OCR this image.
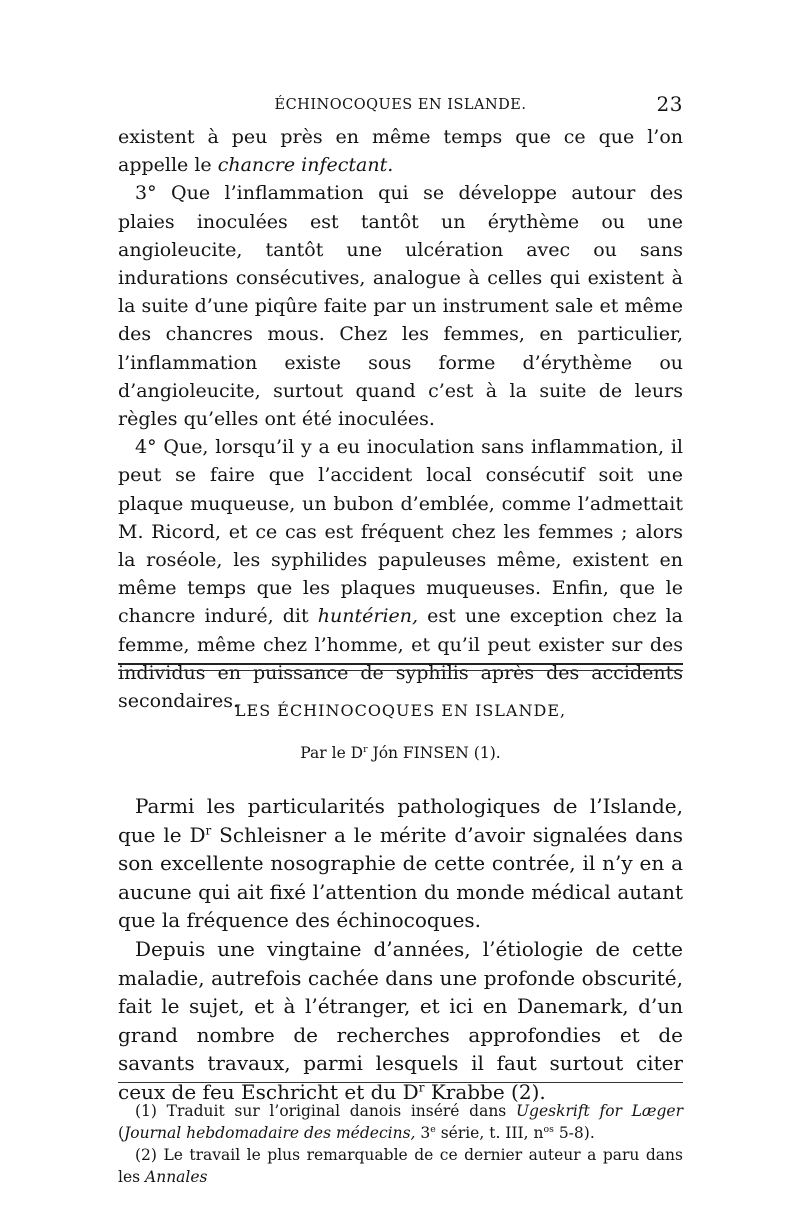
ÉCHINOCOQUES EN ISLANDE.	23

existent à peu près en même temps que ce que l’on appelle le chancre infectant.

3° Que l’inflammation qui se développe autour des plaies inoculées est tantôt un érythème ou une angioleucite, tantôt une ulcération avec ou sans indurations consécutives, analogue à celles qui existent à la suite d’une piqûre faite par un instrument sale et même des chancres mous. Chez les femmes, en particulier, l’inflammation existe sous forme d’érythème ou d’angioleucite, surtout quand c’est à la suite de leurs règles qu’elles ont été inoculées.

4° Que, lorsqu’il y a eu inoculation sans inflammation, il peut se faire que l’accident local consécutif soit une plaque muqueuse, un bubon d’emblée, comme l’admettait M. Ricord, et ce cas est fréquent chez les femmes ; alors la roséole, les syphilides papuleuses même, existent en même temps que les plaques muqueuses. Enfin, que le chancre induré, dit huntérien, est une exception chez la femme, même chez l’homme, et qu’il peut exister sur des individus en puissance de syphilis après des accidents secondaires.

LES ÉCHINOCOQUES EN ISLANDE,
Par le $D^r$ Jón FINSEN (1).

Parmi les particularités pathologiques de l’Islande, que le $D^r$ Schleisner a le mérite d’avoir signalées dans son excellente nosographie de cette contrée, il n’y en a aucune qui ait fixé l’attention du monde médical autant que la fréquence des échinocoques.

Depuis une vingtaine d’années, l’étiologie de cette maladie, autrefois cachée dans une profonde obscurité, fait le sujet, et à l’étranger, et ici en Danemark, d’un grand nombre de recherches approfondies et de savants travaux, parmi lesquels il faut surtout citer ceux de feu Eschricht et du $D^r$ Krabbe (2).

(1) Traduit sur l’original danois inséré dans Ugeskrift for Læger (Journal hebdomadaire des médecins, 3e série, t. III, $n^{os}$ 5-8).

(2) Le travail le plus remarquable de ce dernier auteur a paru dans les Annales
